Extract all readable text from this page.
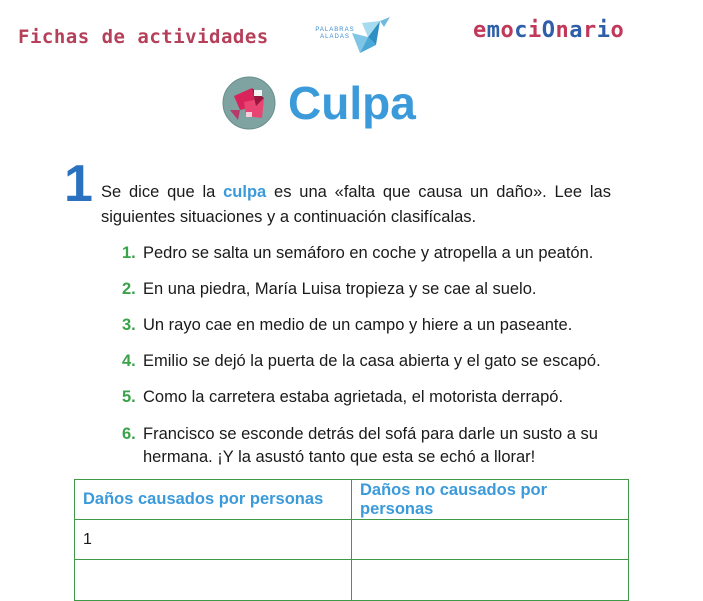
Fichas de actividades	PALABRAS
ALADAS	emociOnario
Culpa
1 Se dice que la culpa es una «falta que causa un daño». Lee las siguientes situaciones y a continuación clasifícalas.
1. Pedro se salta un semáforo en coche y atropella a un peatón.
2. En una piedra, María Luisa tropieza y se cae al suelo.
3. Un rayo cae en medio de un campo y hiere a un paseante.
4. Emilio se dejó la puerta de la casa abierta y el gato se escapó.
5. Como la carretera estaba agrietada, el motorista derrapó.
6. Francisco se esconde detrás del sofá para darle un susto a su hermana. ¡Y la asustó tanto que esta se echó a llorar!
Daños causados por personas	Daños no causados por personas
1	
